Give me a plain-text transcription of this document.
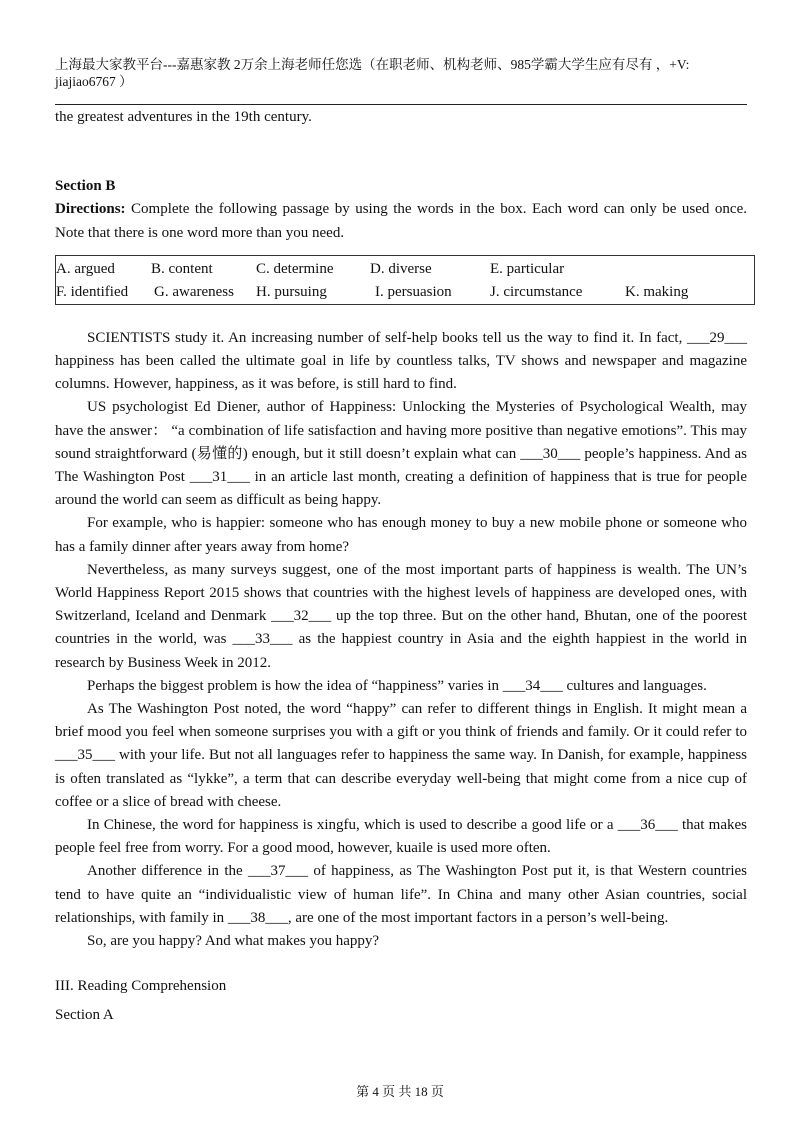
上海最大家教平台---嘉惠家教 2万余上海老师任您选（在职老师、机构老师、985学霸大学生应有尽有 ，+V:
jiajiao6767 ）

the greatest adventures in the 19th century.

Section B

Directions: Complete the following passage by using the words in the box. Each word can only be used once. Note that there is one word more than you need.

A. argued	B. content	C. determine	D. diverse	E. particular
F. identified	G. awareness	H. pursuing	I. persuasion	J. circumstance	K. making

SCIENTISTS study it. An increasing number of self-help books tell us the way to find it. In fact, ___29___ happiness has been called the ultimate goal in life by countless talks, TV shows and newspaper and magazine columns. However, happiness, as it was before, is still hard to find.

US psychologist Ed Diener, author of Happiness: Unlocking the Mysteries of Psychological Wealth, may have the answer： “a combination of life satisfaction and having more positive than negative emotions”. This may sound straightforward (易懂的) enough, but it still doesn’t explain what can ___30___ people’s happiness. And as The Washington Post ___31___ in an article last month, creating a definition of happiness that is true for people around the world can seem as difficult as being happy.

For example, who is happier: someone who has enough money to buy a new mobile phone or someone who has a family dinner after years away from home?

Nevertheless, as many surveys suggest, one of the most important parts of happiness is wealth. The UN’s World Happiness Report 2015 shows that countries with the highest levels of happiness are developed ones, with Switzerland, Iceland and Denmark ___32___ up the top three. But on the other hand, Bhutan, one of the poorest countries in the world, was ___33___ as the happiest country in Asia and the eighth happiest in the world in research by Business Week in 2012.

Perhaps the biggest problem is how the idea of “happiness” varies in ___34___ cultures and languages.

As The Washington Post noted, the word “happy” can refer to different things in English. It might mean a brief mood you feel when someone surprises you with a gift or you think of friends and family. Or it could refer to ___35___ with your life. But not all languages refer to happiness the same way. In Danish, for example, happiness is often translated as “lykke”, a term that can describe everyday well-being that might come from a nice cup of coffee or a slice of bread with cheese.

In Chinese, the word for happiness is xingfu, which is used to describe a good life or a ___36___ that makes people feel free from worry. For a good mood, however, kuaile is used more often.

Another difference in the ___37___ of happiness, as The Washington Post put it, is that Western countries tend to have quite an “individualistic view of human life”. In China and many other Asian countries, social relationships, with family in ___38___, are one of the most important factors in a person’s well-being.

So, are you happy? And what makes you happy?

III. Reading Comprehension

Section A

第 4 页 共 18 页
